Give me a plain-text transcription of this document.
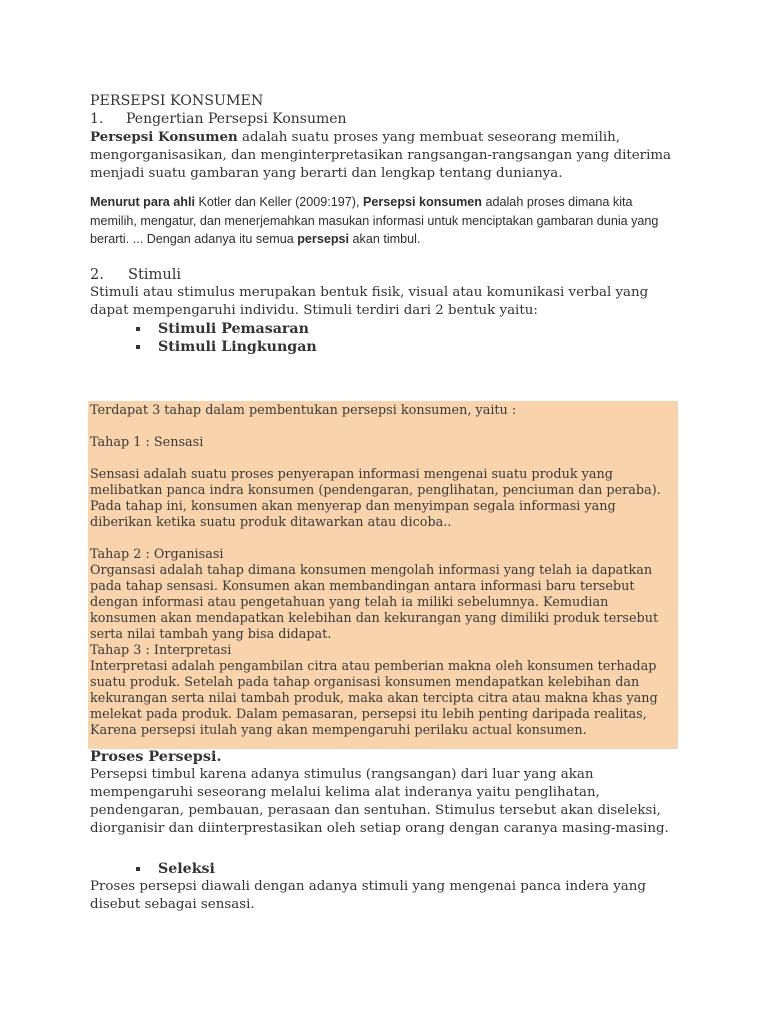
PERSEPSI KONSUMEN
1. Pengertian Persepsi Konsumen
Persepsi Konsumen adalah suatu proses yang membuat seseorang memilih, mengorganisasikan, dan menginterpretasikan rangsangan-rangsangan yang diterima menjadi suatu gambaran yang berarti dan lengkap tentang dunianya.
Menurut para ahli Kotler dan Keller (2009:197), Persepsi konsumen adalah proses dimana kita memilih, mengatur, dan menerjemahkan masukan informasi untuk menciptakan gambaran dunia yang berarti. ... Dengan adanya itu semua persepsi akan timbul.
2. Stimuli
Stimuli atau stimulus merupakan bentuk fisik, visual atau komunikasi verbal yang dapat mempengaruhi individu. Stimuli terdiri dari 2 bentuk yaitu:
Stimuli Pemasaran
Stimuli Lingkungan
Terdapat 3 tahap dalam pembentukan persepsi konsumen, yaitu :
Tahap 1 : Sensasi
Sensasi adalah suatu proses penyerapan informasi mengenai suatu produk yang melibatkan panca indra konsumen (pendengaran, penglihatan, penciuman dan peraba). Pada tahap ini, konsumen akan menyerap dan menyimpan segala informasi yang diberikan ketika suatu produk ditawarkan atau dicoba..
Tahap 2 : Organisasi
Organsasi adalah tahap dimana konsumen mengolah informasi yang telah ia dapatkan pada tahap sensasi. Konsumen akan membandingan antara informasi baru tersebut dengan informasi atau pengetahuan yang telah ia miliki sebelumnya. Kemudian konsumen akan mendapatkan kelebihan dan kekurangan yang dimiliki produk tersebut serta nilai tambah yang bisa didapat.
Tahap 3 : Interpretasi
Interpretasi adalah pengambilan citra atau pemberian makna oleh konsumen terhadap suatu produk. Setelah pada tahap organisasi konsumen mendapatkan kelebihan dan kekurangan serta nilai tambah produk, maka akan tercipta citra atau makna khas yang melekat pada produk. Dalam pemasaran, persepsi itu lebih penting daripada realitas, Karena persepsi itulah yang akan mempengaruhi perilaku actual konsumen.
Proses Persepsi.
Persepsi timbul karena adanya stimulus (rangsangan) dari luar yang akan mempengaruhi seseorang melalui kelima alat inderanya yaitu penglihatan, pendengaran, pembauan, perasaan dan sentuhan. Stimulus tersebut akan diseleksi, diorganisir dan diinterprestasikan oleh setiap orang dengan caranya masing-masing.
Seleksi
Proses persepsi diawali dengan adanya stimuli yang mengenai panca indera yang disebut sebagai sensasi.
